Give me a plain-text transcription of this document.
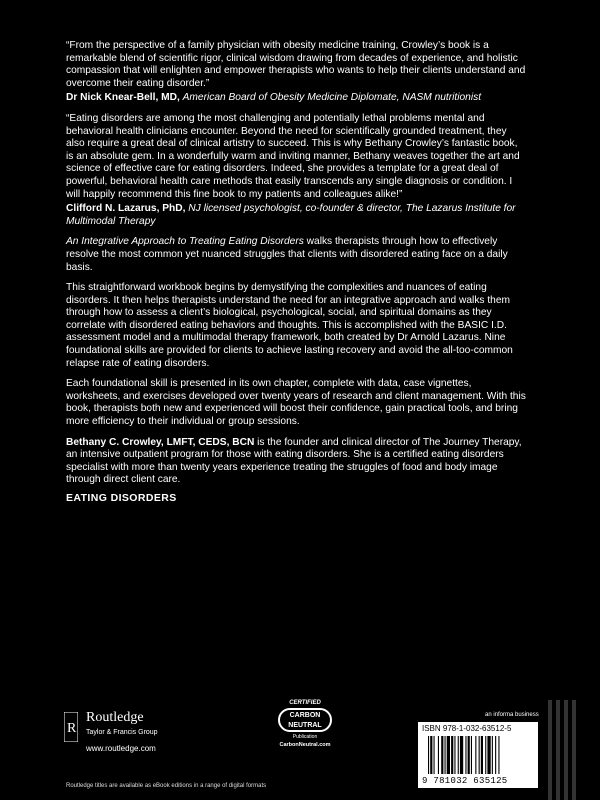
“From the perspective of a family physician with obesity medicine training, Crowley’s book is a remarkable blend of scientific rigor, clinical wisdom drawing from decades of experience, and holistic compassion that will enlighten and empower therapists who wants to help their clients understand and overcome their eating disorder.”

Dr Nick Knear-Bell, MD, American Board of Obesity Medicine Diplomate, NASM nutritionist

“Eating disorders are among the most challenging and potentially lethal problems mental and behavioral health clinicians encounter. Beyond the need for scientifically grounded treatment, they also require a great deal of clinical artistry to succeed. This is why Bethany Crowley’s fantastic book, is an absolute gem. In a wonderfully warm and inviting manner, Bethany weaves together the art and science of effective care for eating disorders. Indeed, she provides a template for a great deal of powerful, behavioral health care methods that easily transcends any single diagnosis or condition. I will happily recommend this fine book to my patients and colleagues alike!”

Clifford N. Lazarus, PhD, NJ licensed psychologist, co-founder & director, The Lazarus Institute for Multimodal Therapy

An Integrative Approach to Treating Eating Disorders walks therapists through how to effectively resolve the most common yet nuanced struggles that clients with disordered eating face on a daily basis.

This straightforward workbook begins by demystifying the complexities and nuances of eating disorders. It then helps therapists understand the need for an integrative approach and walks them through how to assess a client’s biological, psychological, social, and spiritual domains as they correlate with disordered eating behaviors and thoughts. This is accomplished with the BASIC I.D. assessment model and a multimodal therapy framework, both created by Dr Arnold Lazarus. Nine foundational skills are provided for clients to achieve lasting recovery and avoid the all-too-common relapse rate of eating disorders.

Each foundational skill is presented in its own chapter, complete with data, case vignettes, worksheets, and exercises developed over twenty years of research and client management. With this book, therapists both new and experienced will boost their confidence, gain practical tools, and bring more efficiency to their individual or group sessions.

Bethany C. Crowley, LMFT, CEDS, BCN is the founder and clinical director of The Journey Therapy, an intensive outpatient program for those with eating disorders. She is a certified eating disorders specialist with more than twenty years experience treating the struggles of food and body image through direct client care.

EATING DISORDERS
R
Routledge
Taylor & Francis Group
www.routledge.com
CERTIFIED
CARBON
NEUTRAL
Publication
CarbonNeutral.com
an informa business
ISBN 978-1-032-63512-5
9 781032 635125
Routledge titles are available as eBook editions in a range of digital formats
